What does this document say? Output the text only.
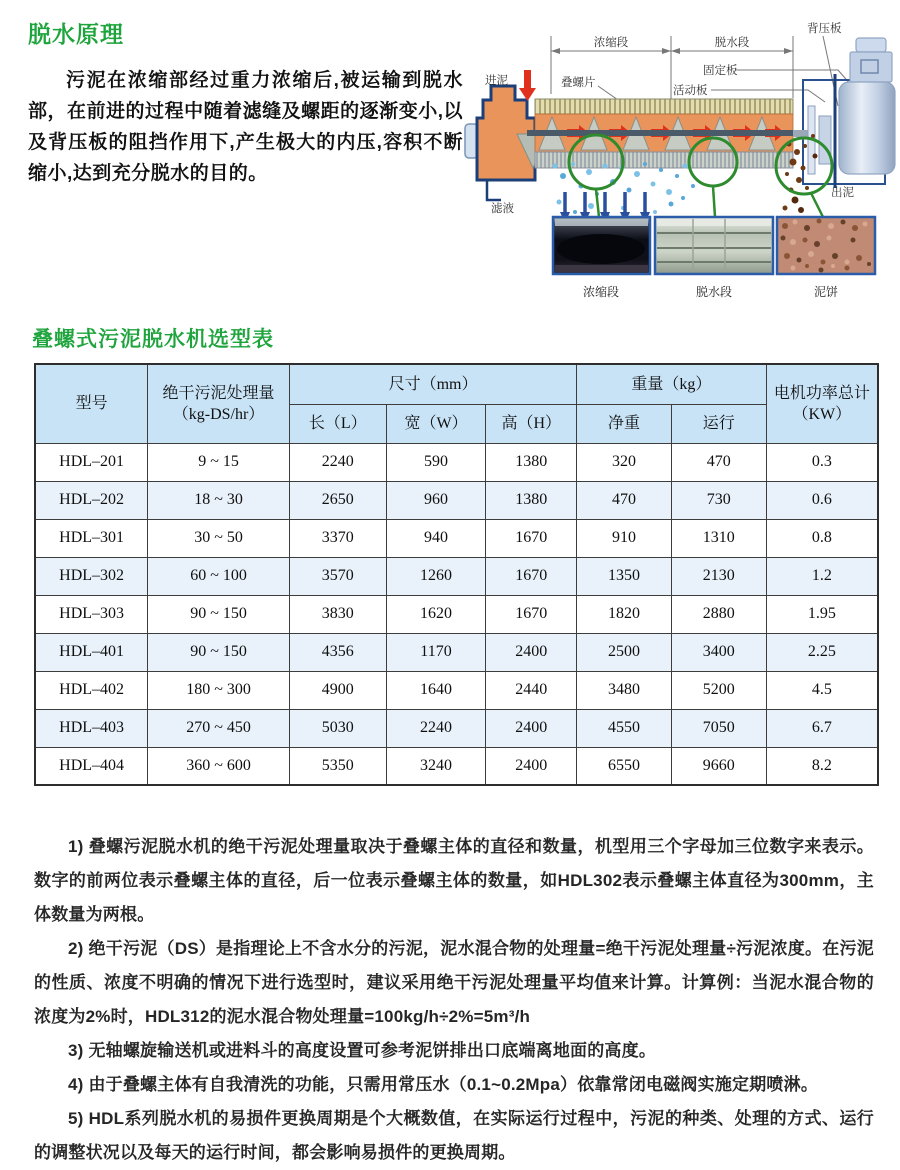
脱水原理

污泥在浓缩部经过重力浓缩后,被运输到脱水部，在前进的过程中随着滤缝及螺距的逐渐变小,以及背压板的阻挡作用下,产生极大的内压,容积不断缩小,达到充分脱水的目的。

浓缩段	脱水段
背压板
进泥	叠螺片
固定板
活动板
滤液
出泥
浓缩段	脱水段	泥饼
叠螺式污泥脱水机选型表
型号	
绝干污泥处理量
（kg-DS/hr）
	尺寸（mm）	重量（kg）	
电机功率总计
（KW）

		长（L）	宽（W）	高（H）	净重	运行	
HDL–201	9 ~ 15	2240	590	1380	320	470	0.3
HDL–202	18 ~ 30	2650	960	1380	470	730	0.6
HDL–301	30 ~ 50	3370	940	1670	910	1310	0.8
HDL–302	60 ~ 100	3570	1260	1670	1350	2130	1.2
HDL–303	90 ~ 150	3830	1620	1670	1820	2880	1.95
HDL–401	90 ~ 150	4356	1170	2400	2500	3400	2.25
HDL–402	180 ~ 300	4900	1640	2440	3480	5200	4.5
HDL–403	270 ~ 450	5030	2240	2400	4550	7050	6.7
HDL–404	360 ~ 600	5350	3240	2400	6550	9660	8.2

1) 叠螺污泥脱水机的绝干污泥处理量取决于叠螺主体的直径和数量，机型用三个字母加三位数字来表示。数字的前两位表示叠螺主体的直径，后一位表示叠螺主体的数量，如HDL302表示叠螺主体直径为300mm，主体数量为两根。

2) 绝干污泥（DS）是指理论上不含水分的污泥，泥水混合物的处理量=绝干污泥处理量÷污泥浓度。在污泥的性质、浓度不明确的情况下进行选型时，建议采用绝干污泥处理量平均值来计算。计算例：当泥水混合物的浓度为2%时，HDL312的泥水混合物处理量=100kg/h÷2%=5m³/h

3) 无轴螺旋输送机或进料斗的高度设置可参考泥饼排出口底端离地面的高度。

4) 由于叠螺主体有自我清洗的功能，只需用常压水（0.1~0.2Mpa）依靠常闭电磁阀实施定期喷淋。

5) HDL系列脱水机的易损件更换周期是个大概数值，在实际运行过程中，污泥的种类、处理的方式、运行的调整状况以及每天的运行时间，都会影响易损件的更换周期。
